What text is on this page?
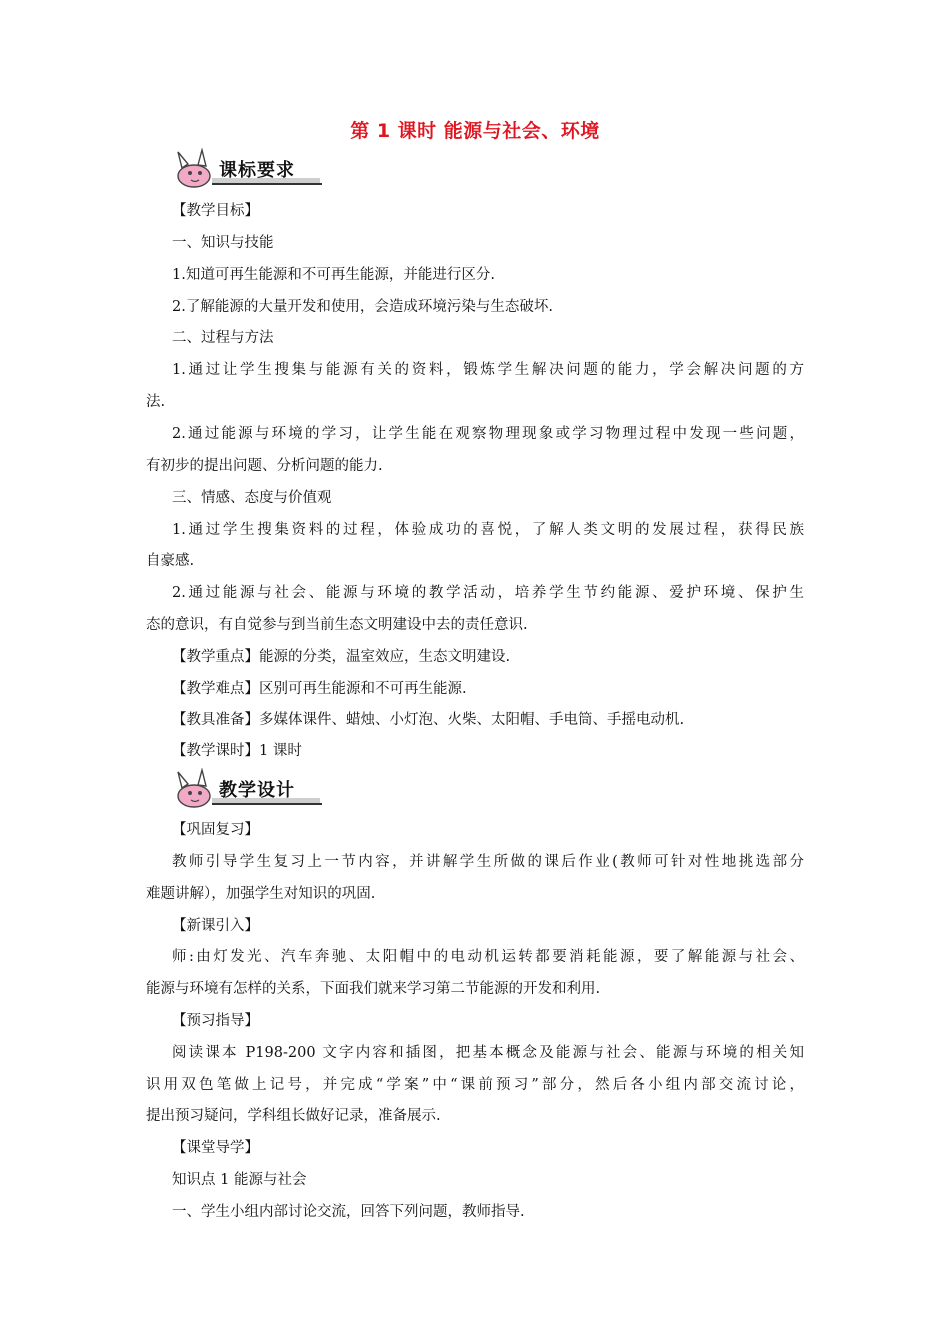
第 1 课时 能源与社会、环境
课标要求
【教学目标】
一、知识与技能
1.知道可再生能源和不可再生能源，并能进行区分.
2.了解能源的大量开发和使用，会造成环境污染与生态破坏.
二、过程与方法
1.通过让学生搜集与能源有关的资料，锻炼学生解决问题的能力，学会解决问题的方
法.
2.通过能源与环境的学习，让学生能在观察物理现象或学习物理过程中发现一些问题，
有初步的提出问题、分析问题的能力.
三、情感、态度与价值观
1.通过学生搜集资料的过程，体验成功的喜悦，了解人类文明的发展过程，获得民族
自豪感.
2.通过能源与社会、能源与环境的教学活动，培养学生节约能源、爱护环境、保护生
态的意识，有自觉参与到当前生态文明建设中去的责任意识.
【教学重点】能源的分类，温室效应，生态文明建设.
【教学难点】区别可再生能源和不可再生能源.
【教具准备】多媒体课件、蜡烛、小灯泡、火柴、太阳帽、手电筒、手摇电动机.
【教学课时】1 课时
教学设计
【巩固复习】
教师引导学生复习上一节内容，并讲解学生所做的课后作业(教师可针对性地挑选部分
难题讲解），加强学生对知识的巩固.
【新课引入】
师:由灯发光、汽车奔驰、太阳帽中的电动机运转都要消耗能源，要了解能源与社会、
能源与环境有怎样的关系，下面我们就来学习第二节能源的开发和利用.
【预习指导】
阅读课本 P198-200 文字内容和插图，把基本概念及能源与社会、能源与环境的相关知
识用双色笔做上记号，并完成“学案”中“课前预习”部分，然后各小组内部交流讨论，
提出预习疑问，学科组长做好记录，准备展示.
【课堂导学】
知识点 1 能源与社会
一、学生小组内部讨论交流，回答下列问题，教师指导.
